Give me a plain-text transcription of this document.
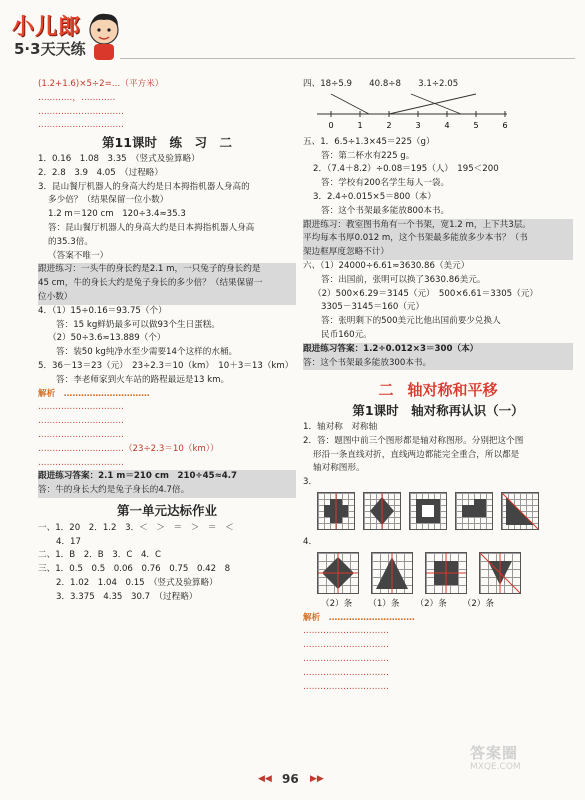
小儿郎
5·3天天练
(1.2+1.6)×5÷2=…（平方米）
…………，…………
…………………………
…………………………
第11课时　练　习　二
1．0.16　1.08　3.35　（竖式及验算略）
2．2.8　3.9　4.05　（过程略）
3．昆山餐厅机器人的身高大约是日本拇指机器人身高的
多少倍？（结果保留一位小数）
1.2 m＝120 cm　120÷3.4≈35.3
答：昆山餐厅机器人的身高大约是日本拇指机器人身高
的35.3倍。
（答案不唯一）
跟进练习：一头牛的身长约是2.1 m，一只兔子的身长约是
45 cm，牛的身长大约是兔子身长的多少倍？（结果保留一
位小数）
4．（1）15÷0.16＝93.75（个）
答：15 kg鲜奶最多可以做93个生日蛋糕。
（2）50÷3.6≈13.889（个）
答：装50 kg纯净水至少需要14个这样的水桶。
5．36－13＝23（元）　23÷2.3＝10（km）　10＋3＝13（km）
答：李老师家到火车站的路程最远是13 km。
解析　…………………………
…………………………
…………………………
…………………………
…………………………（23÷2.3＝10（km））
…………………………
跟进练习答案：2.1 m＝210 cm　210÷45≈4.7
答：牛的身长大约是兔子身长的4.7倍。
第一单元达标作业
一、1．20　2．1.2　3．＜　＞　＝　＞　＝　＜
4．17
二、1．B　2．B　3．C　4．C
三、1．0.5　0.5　0.06　0.76　0.75　0.42　8
2．1.02　1.04　0.15　（竖式及验算略）
3．3.375　4.35　30.7　（过程略）
四、18÷5.9　　40.8÷8　　3.1÷2.05
0	1	2	3	4	5	6
五、1．6.5÷1.3×45＝225（g）
答：第二杯水有225 g。
2．（7.4＋8.2）÷0.08＝195（人）　195＜200
答：学校有200名学生每人一袋。
3．2.4÷0.015×5＝800（本）
答：这个书架最多能放800本书。
跟进练习：教室图书角有一个书架，宽1.2 m，上下共3层。
平均每本书厚0.012 m，这个书架最多能放多少本书？（书
架边框厚度忽略不计）
六、（1）24000÷6.61≈3630.86（美元）
答：出国前，张明可以换了3630.86美元。
（2）500×6.29＝3145（元）　500×6.61＝3305（元）
3305－3145＝160（元）
答：张明剩下的500美元比他出国前要少兑换人
民币160元。
跟进练习答案：1.2÷0.012×3＝300（本）
答：这个书架最多能放300本书。
二 轴对称和平移
第1课时　轴对称再认识（一）
1．轴对称　对称轴
2．答：题图中前三个图形都是轴对称图形。分别把这个图
形沿一条直线对折，直线两边都能完全重合，所以都是
轴对称图形。
3．
4．
（2）条 （1）条 （2）条 （2）条
解析　…………………………
…………………………
…………………………
…………………………
…………………………
…………………………
◀◀ 96 ▶▶
答案圈
MXQE.COM
